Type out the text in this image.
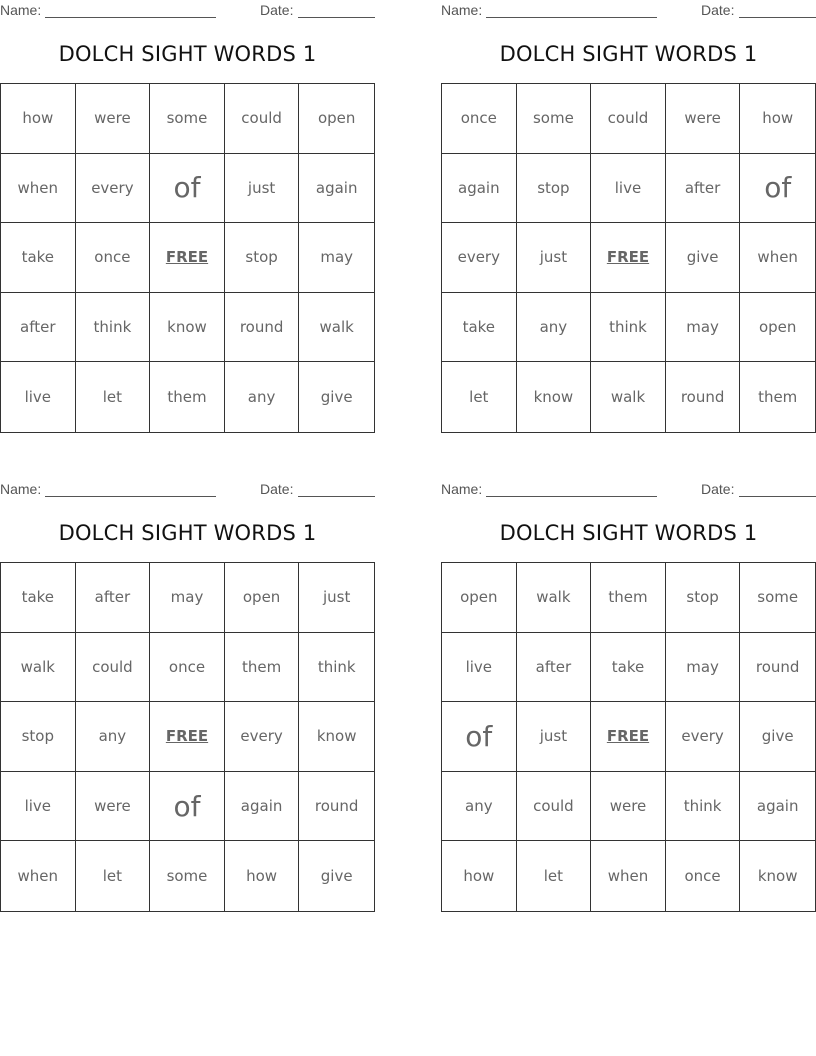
Name:	Date:
DOLCH SIGHT WORDS 1
how	were	some	could	open
when	every	of	just	again
take	once	FREE	stop	may
after	think	know	round	walk
live	let	them	any	give
Name:	Date:
DOLCH SIGHT WORDS 1
once	some	could	were	how
again	stop	live	after	of
every	just	FREE	give	when
take	any	think	may	open
let	know	walk	round	them
Name:	Date:
DOLCH SIGHT WORDS 1
take	after	may	open	just
walk	could	once	them	think
stop	any	FREE	every	know
live	were	of	again	round
when	let	some	how	give
Name:	Date:
DOLCH SIGHT WORDS 1
open	walk	them	stop	some
live	after	take	may	round
of	just	FREE	every	give
any	could	were	think	again
how	let	when	once	know
